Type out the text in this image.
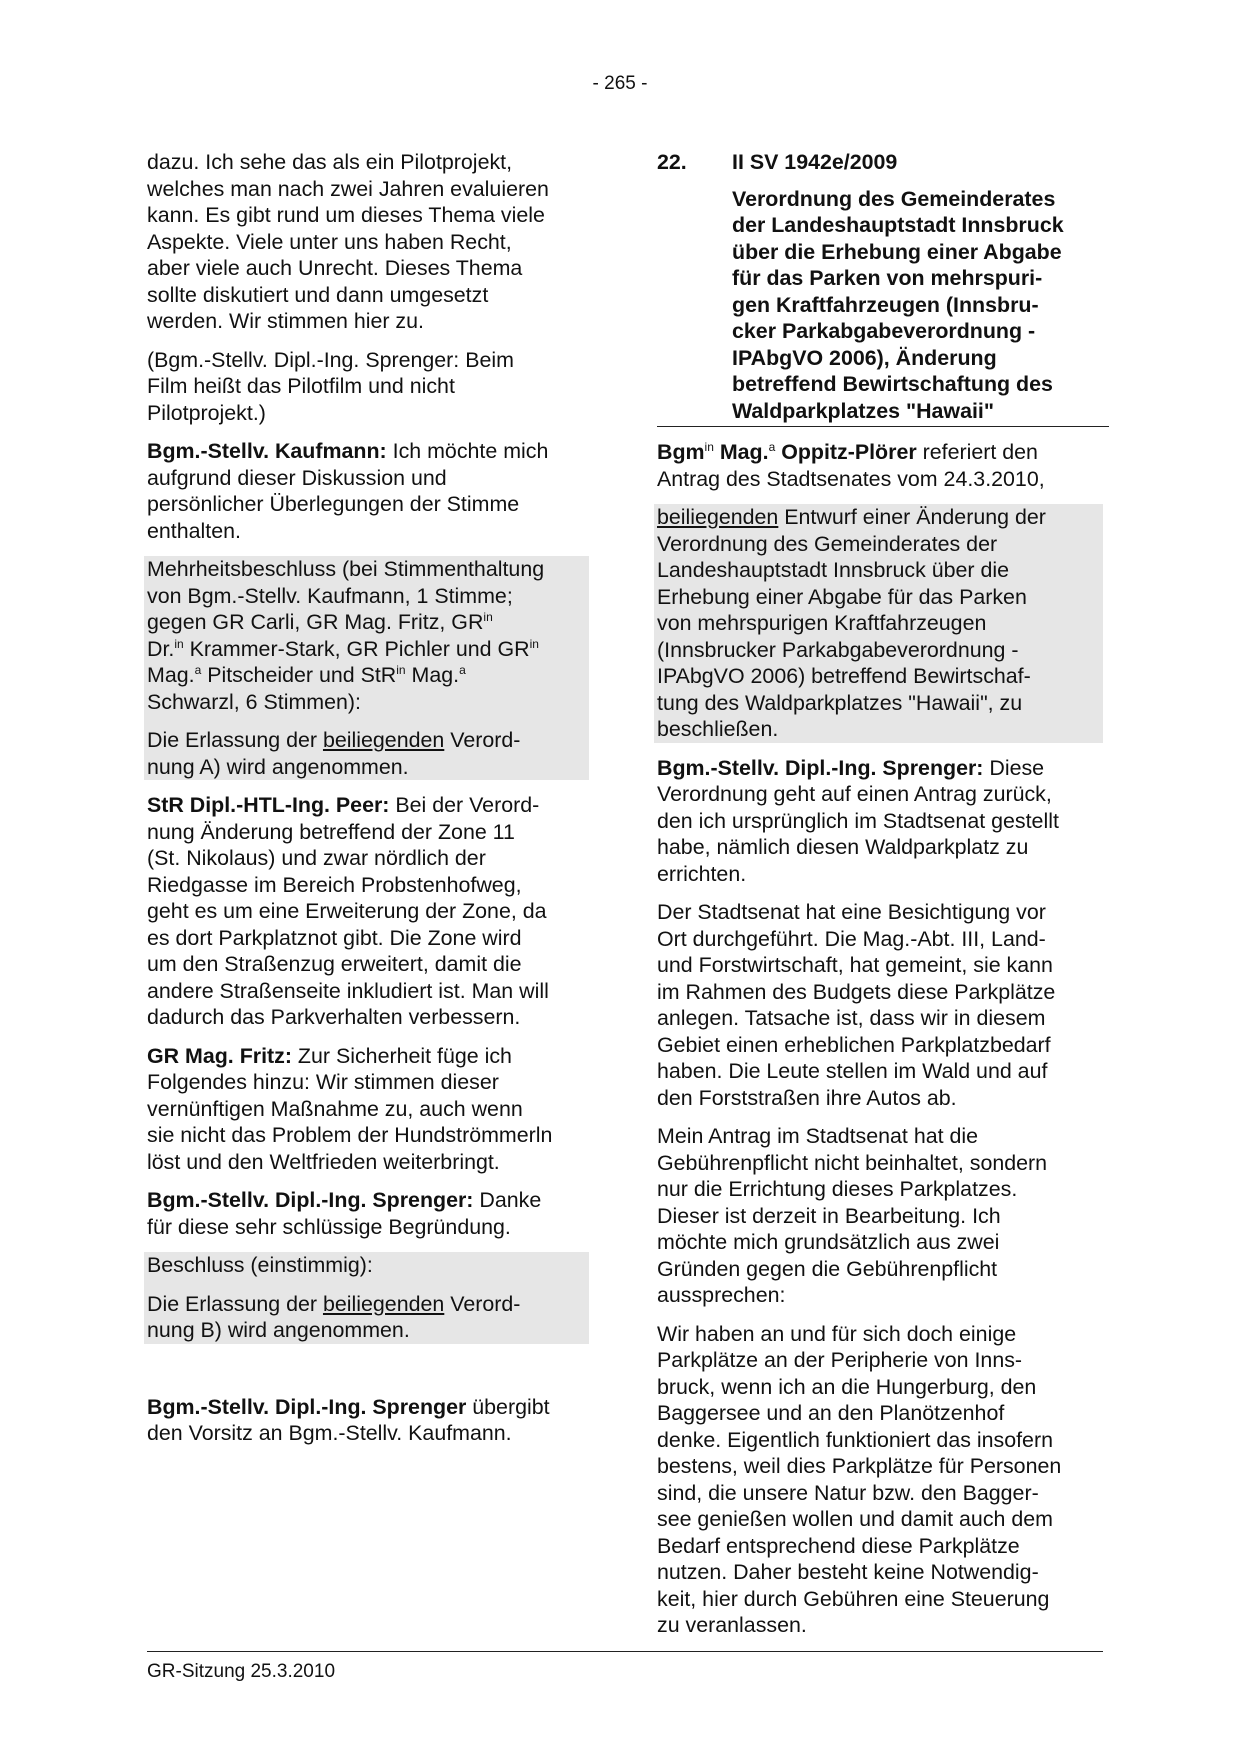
- 265 -

dazu. Ich sehe das als ein Pilotprojekt,
welches man nach zwei Jahren evaluieren
kann. Es gibt rund um dieses Thema viele
Aspekte. Viele unter uns haben Recht,
aber viele auch Unrecht. Dieses Thema
sollte diskutiert und dann umgesetzt
werden. Wir stimmen hier zu.

(Bgm.-Stellv. Dipl.-Ing. Sprenger: Beim
Film heißt das Pilotfilm und nicht
Pilotprojekt.)

Bgm.-Stellv. Kaufmann: Ich möchte mich
aufgrund dieser Diskussion und
persönlicher Überlegungen der Stimme
enthalten.

Mehrheitsbeschluss (bei Stimmenthaltung
von Bgm.-Stellv. Kaufmann, 1 Stimme;
gegen GR Carli, GR Mag. Fritz, $GR^{in}$
Dr.$^{in}$ Krammer-Stark, GR Pichler und $GR^{in}$
Mag.$^a$ Pitscheider und StR$^{in}$ Mag.$^a$
Schwarzl, 6 Stimmen):

Die Erlassung der beiliegenden Verord-
nung A) wird angenommen.

StR Dipl.-HTL-Ing. Peer: Bei der Verord-
nung Änderung betreffend der Zone 11
(St. Nikolaus) und zwar nördlich der
Riedgasse im Bereich Probstenhofweg,
geht es um eine Erweiterung der Zone, da
es dort Parkplatznot gibt. Die Zone wird
um den Straßenzug erweitert, damit die
andere Straßenseite inkludiert ist. Man will
dadurch das Parkverhalten verbessern.

GR Mag. Fritz: Zur Sicherheit füge ich
Folgendes hinzu: Wir stimmen dieser
vernünftigen Maßnahme zu, auch wenn
sie nicht das Problem der Hundströmmerln
löst und den Weltfrieden weiterbringt.

Bgm.-Stellv. Dipl.-Ing. Sprenger: Danke
für diese sehr schlüssige Begründung.

Beschluss (einstimmig):

Die Erlassung der beiliegenden Verord-
nung B) wird angenommen.

Bgm.-Stellv. Dipl.-Ing. Sprenger übergibt
den Vorsitz an Bgm.-Stellv. Kaufmann.

22. II SV 1942e/2009

Verordnung des Gemeinderates
der Landeshauptstadt Innsbruck
über die Erhebung einer Abgabe
für das Parken von mehrspuri-
gen Kraftfahrzeugen (Innsbru-
cker Parkabgabeverordnung -
IPAbgVO 2006), Änderung
betreffend Bewirtschaftung des
Waldparkplatzes "Hawaii"

Bgm$^{in}$ Mag.$^a$ Oppitz-Plörer referiert den
Antrag des Stadtsenates vom 24.3.2010,

beiliegenden Entwurf einer Änderung der
Verordnung des Gemeinderates der
Landeshauptstadt Innsbruck über die
Erhebung einer Abgabe für das Parken
von mehrspurigen Kraftfahrzeugen
(Innsbrucker Parkabgabeverordnung -
IPAbgVO 2006) betreffend Bewirtschaf-
tung des Waldparkplatzes "Hawaii", zu
beschließen.

Bgm.-Stellv. Dipl.-Ing. Sprenger: Diese
Verordnung geht auf einen Antrag zurück,
den ich ursprünglich im Stadtsenat gestellt
habe, nämlich diesen Waldparkplatz zu
errichten.

Der Stadtsenat hat eine Besichtigung vor
Ort durchgeführt. Die Mag.-Abt. III, Land-
und Forstwirtschaft, hat gemeint, sie kann
im Rahmen des Budgets diese Parkplätze
anlegen. Tatsache ist, dass wir in diesem
Gebiet einen erheblichen Parkplatzbedarf
haben. Die Leute stellen im Wald und auf
den Forststraßen ihre Autos ab.

Mein Antrag im Stadtsenat hat die
Gebührenpflicht nicht beinhaltet, sondern
nur die Errichtung dieses Parkplatzes.
Dieser ist derzeit in Bearbeitung. Ich
möchte mich grundsätzlich aus zwei
Gründen gegen die Gebührenpflicht
aussprechen:

Wir haben an und für sich doch einige
Parkplätze an der Peripherie von Inns-
bruck, wenn ich an die Hungerburg, den
Baggersee und an den Planötzenhof
denke. Eigentlich funktioniert das insofern
bestens, weil dies Parkplätze für Personen
sind, die unsere Natur bzw. den Bagger-
see genießen wollen und damit auch dem
Bedarf entsprechend diese Parkplätze
nutzen. Daher besteht keine Notwendig-
keit, hier durch Gebühren eine Steuerung
zu veranlassen.

GR-Sitzung 25.3.2010
